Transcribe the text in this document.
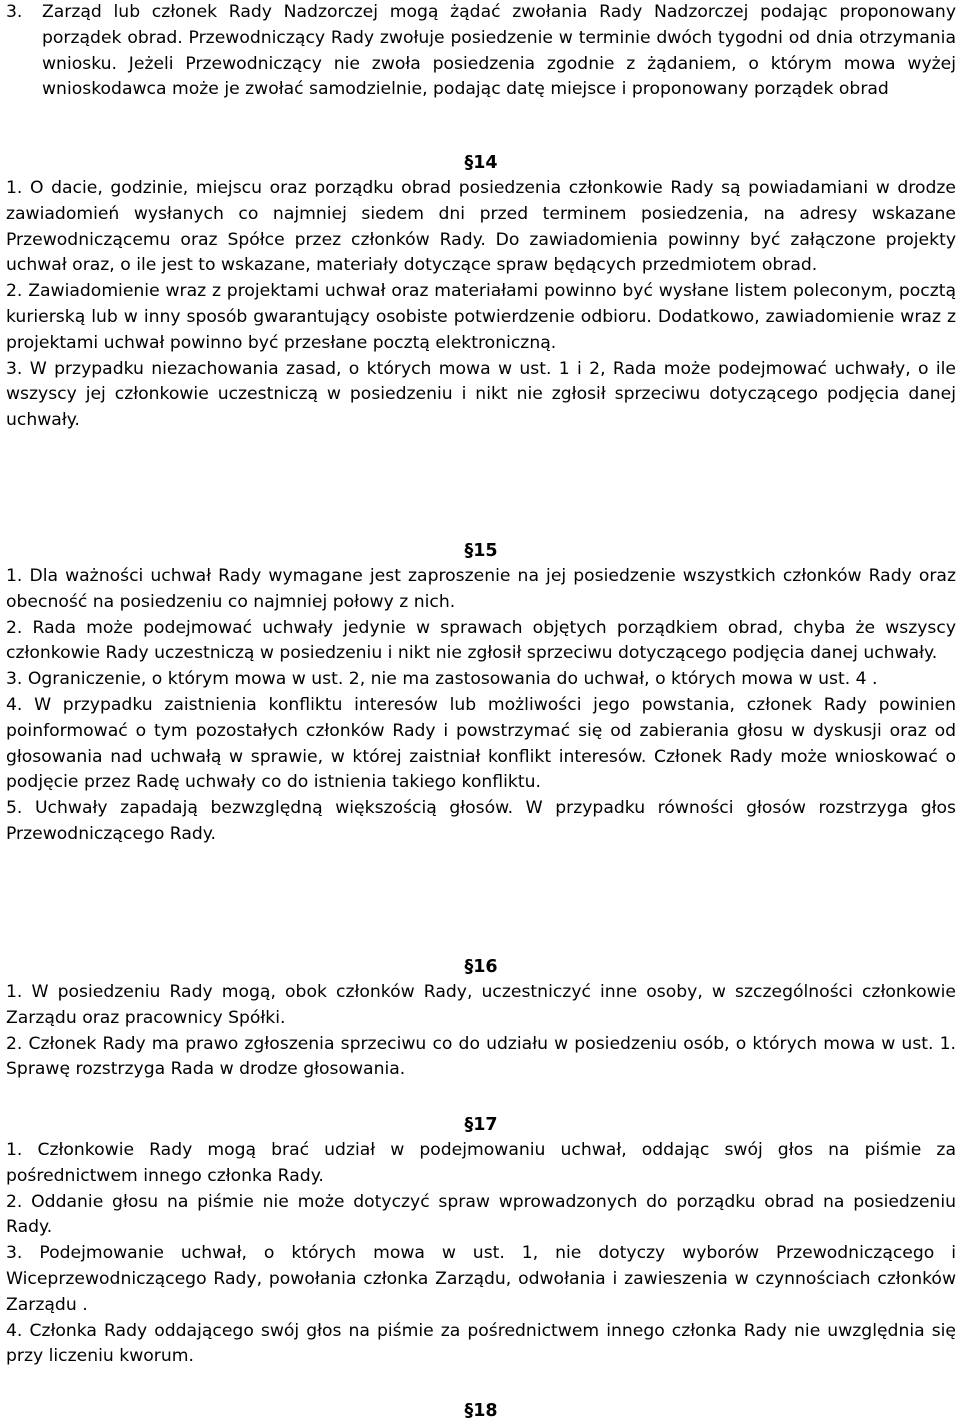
3. Zarząd lub członek Rady Nadzorczej mogą żądać zwołania Rady Nadzorczej podając proponowany porządek obrad. Przewodniczący Rady zwołuje posiedzenie w terminie dwóch tygodni od dnia otrzymania wniosku. Jeżeli Przewodniczący nie zwoła posiedzenia zgodnie z żądaniem, o którym mowa wyżej wnioskodawca może je zwołać samodzielnie, podając datę miejsce i proponowany porządek obrad

§14

1. O dacie, godzinie, miejscu oraz porządku obrad posiedzenia członkowie Rady są powiadamiani w drodze zawiadomień wysłanych co najmniej siedem dni przed terminem posiedzenia, na adresy wskazane Przewodniczącemu oraz Spółce przez członków Rady. Do zawiadomienia powinny być załączone projekty uchwał oraz, o ile jest to wskazane, materiały dotyczące spraw będących przedmiotem obrad.

2. Zawiadomienie wraz z projektami uchwał oraz materiałami powinno być wysłane listem poleconym, pocztą kurierską lub w inny sposób gwarantujący osobiste potwierdzenie odbioru. Dodatkowo, zawiadomienie wraz z projektami uchwał powinno być przesłane pocztą elektroniczną.

3. W przypadku niezachowania zasad, o których mowa w ust. 1 i 2, Rada może podejmować uchwały, o ile wszyscy jej członkowie uczestniczą w posiedzeniu i nikt nie zgłosił sprzeciwu dotyczącego podjęcia danej uchwały.

§15

1. Dla ważności uchwał Rady wymagane jest zaproszenie na jej posiedzenie wszystkich członków Rady oraz obecność na posiedzeniu co najmniej połowy z nich.

2. Rada może podejmować uchwały jedynie w sprawach objętych porządkiem obrad, chyba że wszyscy członkowie Rady uczestniczą w posiedzeniu i nikt nie zgłosił sprzeciwu dotyczącego podjęcia danej uchwały.

3. Ograniczenie, o którym mowa w ust. 2, nie ma zastosowania do uchwał, o których mowa w ust. 4 .

4. W przypadku zaistnienia konfliktu interesów lub możliwości jego powstania, członek Rady powinien poinformować o tym pozostałych członków Rady i powstrzymać się od zabierania głosu w dyskusji oraz od głosowania nad uchwałą w sprawie, w której zaistniał konflikt interesów. Członek Rady może wnioskować o podjęcie przez Radę uchwały co do istnienia takiego konfliktu.

5. Uchwały zapadają bezwzględną większością głosów. W przypadku równości głosów rozstrzyga głos Przewodniczącego Rady.

§16

1. W posiedzeniu Rady mogą, obok członków Rady, uczestniczyć inne osoby, w szczególności członkowie Zarządu oraz pracownicy Spółki.

2. Członek Rady ma prawo zgłoszenia sprzeciwu co do udziału w posiedzeniu osób, o których mowa w ust. 1. Sprawę rozstrzyga Rada w drodze głosowania.

§17

1. Członkowie Rady mogą brać udział w podejmowaniu uchwał, oddając swój głos na piśmie za pośrednictwem innego członka Rady.

2. Oddanie głosu na piśmie nie może dotyczyć spraw wprowadzonych do porządku obrad na posiedzeniu Rady.

3. Podejmowanie uchwał, o których mowa w ust. 1, nie dotyczy wyborów Przewodniczącego i Wiceprzewodniczącego Rady, powołania członka Zarządu, odwołania i zawieszenia w czynnościach członków Zarządu .

4. Członka Rady oddającego swój głos na piśmie za pośrednictwem innego członka Rady nie uwzględnia się przy liczeniu kworum.

§18
